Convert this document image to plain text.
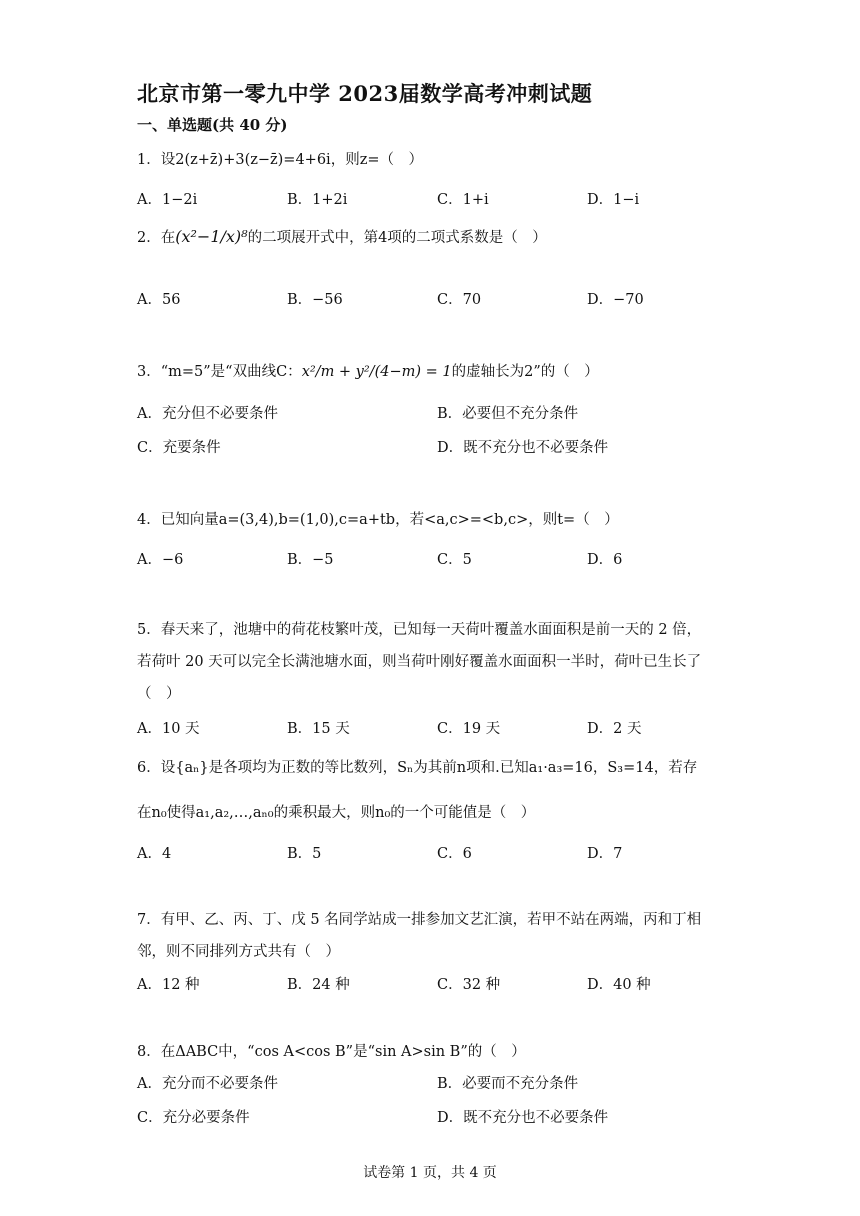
北京市第一零九中学 2023届数学高考冲刺试题
一、单选题(共 40 分)
1．设2(z+z̄)+3(z−z̄)=4+6i，则z=（　）
A．1−2i	B．1+2i	C．1+i	D．1−i
2．在(x²−1/x)⁸的二项展开式中，第4项的二项式系数是（　）
A．56	B．−56	C．70	D．−70
3．“m=5”是“双曲线C：x²/m + y²/(4−m) = 1的虚轴长为2”的（　）
A．充分但不必要条件	B．必要但不充分条件
C．充要条件	D．既不充分也不必要条件
4．已知向量a=(3,4),b=(1,0),c=a+tb，若<a,c>=<b,c>，则t=（　）
A．−6	B．−5	C．5	D．6
5．春天来了，池塘中的荷花枝繁叶茂，已知每一天荷叶覆盖水面面积是前一天的 2 倍，
若荷叶 20 天可以完全长满池塘水面，则当荷叶刚好覆盖水面面积一半时，荷叶已生长了
（　）
A．10 天	B．15 天	C．19 天	D．2 天
6．设{aₙ}是各项均为正数的等比数列，Sₙ为其前n项和.已知a₁·a₃=16，S₃=14，若存
在n₀使得a₁,a₂,…,aₙ₀的乘积最大，则n₀的一个可能值是（　）
A．4	B．5	C．6	D．7
7．有甲、乙、丙、丁、戊 5 名同学站成一排参加文艺汇演，若甲不站在两端，丙和丁相
邻，则不同排列方式共有（　）
A．12 种	B．24 种	C．32 种	D．40 种
8．在ΔABC中，“cos A<cos B”是“sin A>sin B”的（　）
A．充分而不必要条件	B．必要而不充分条件
C．充分必要条件	D．既不充分也不必要条件
试卷第 1 页，共 4 页
